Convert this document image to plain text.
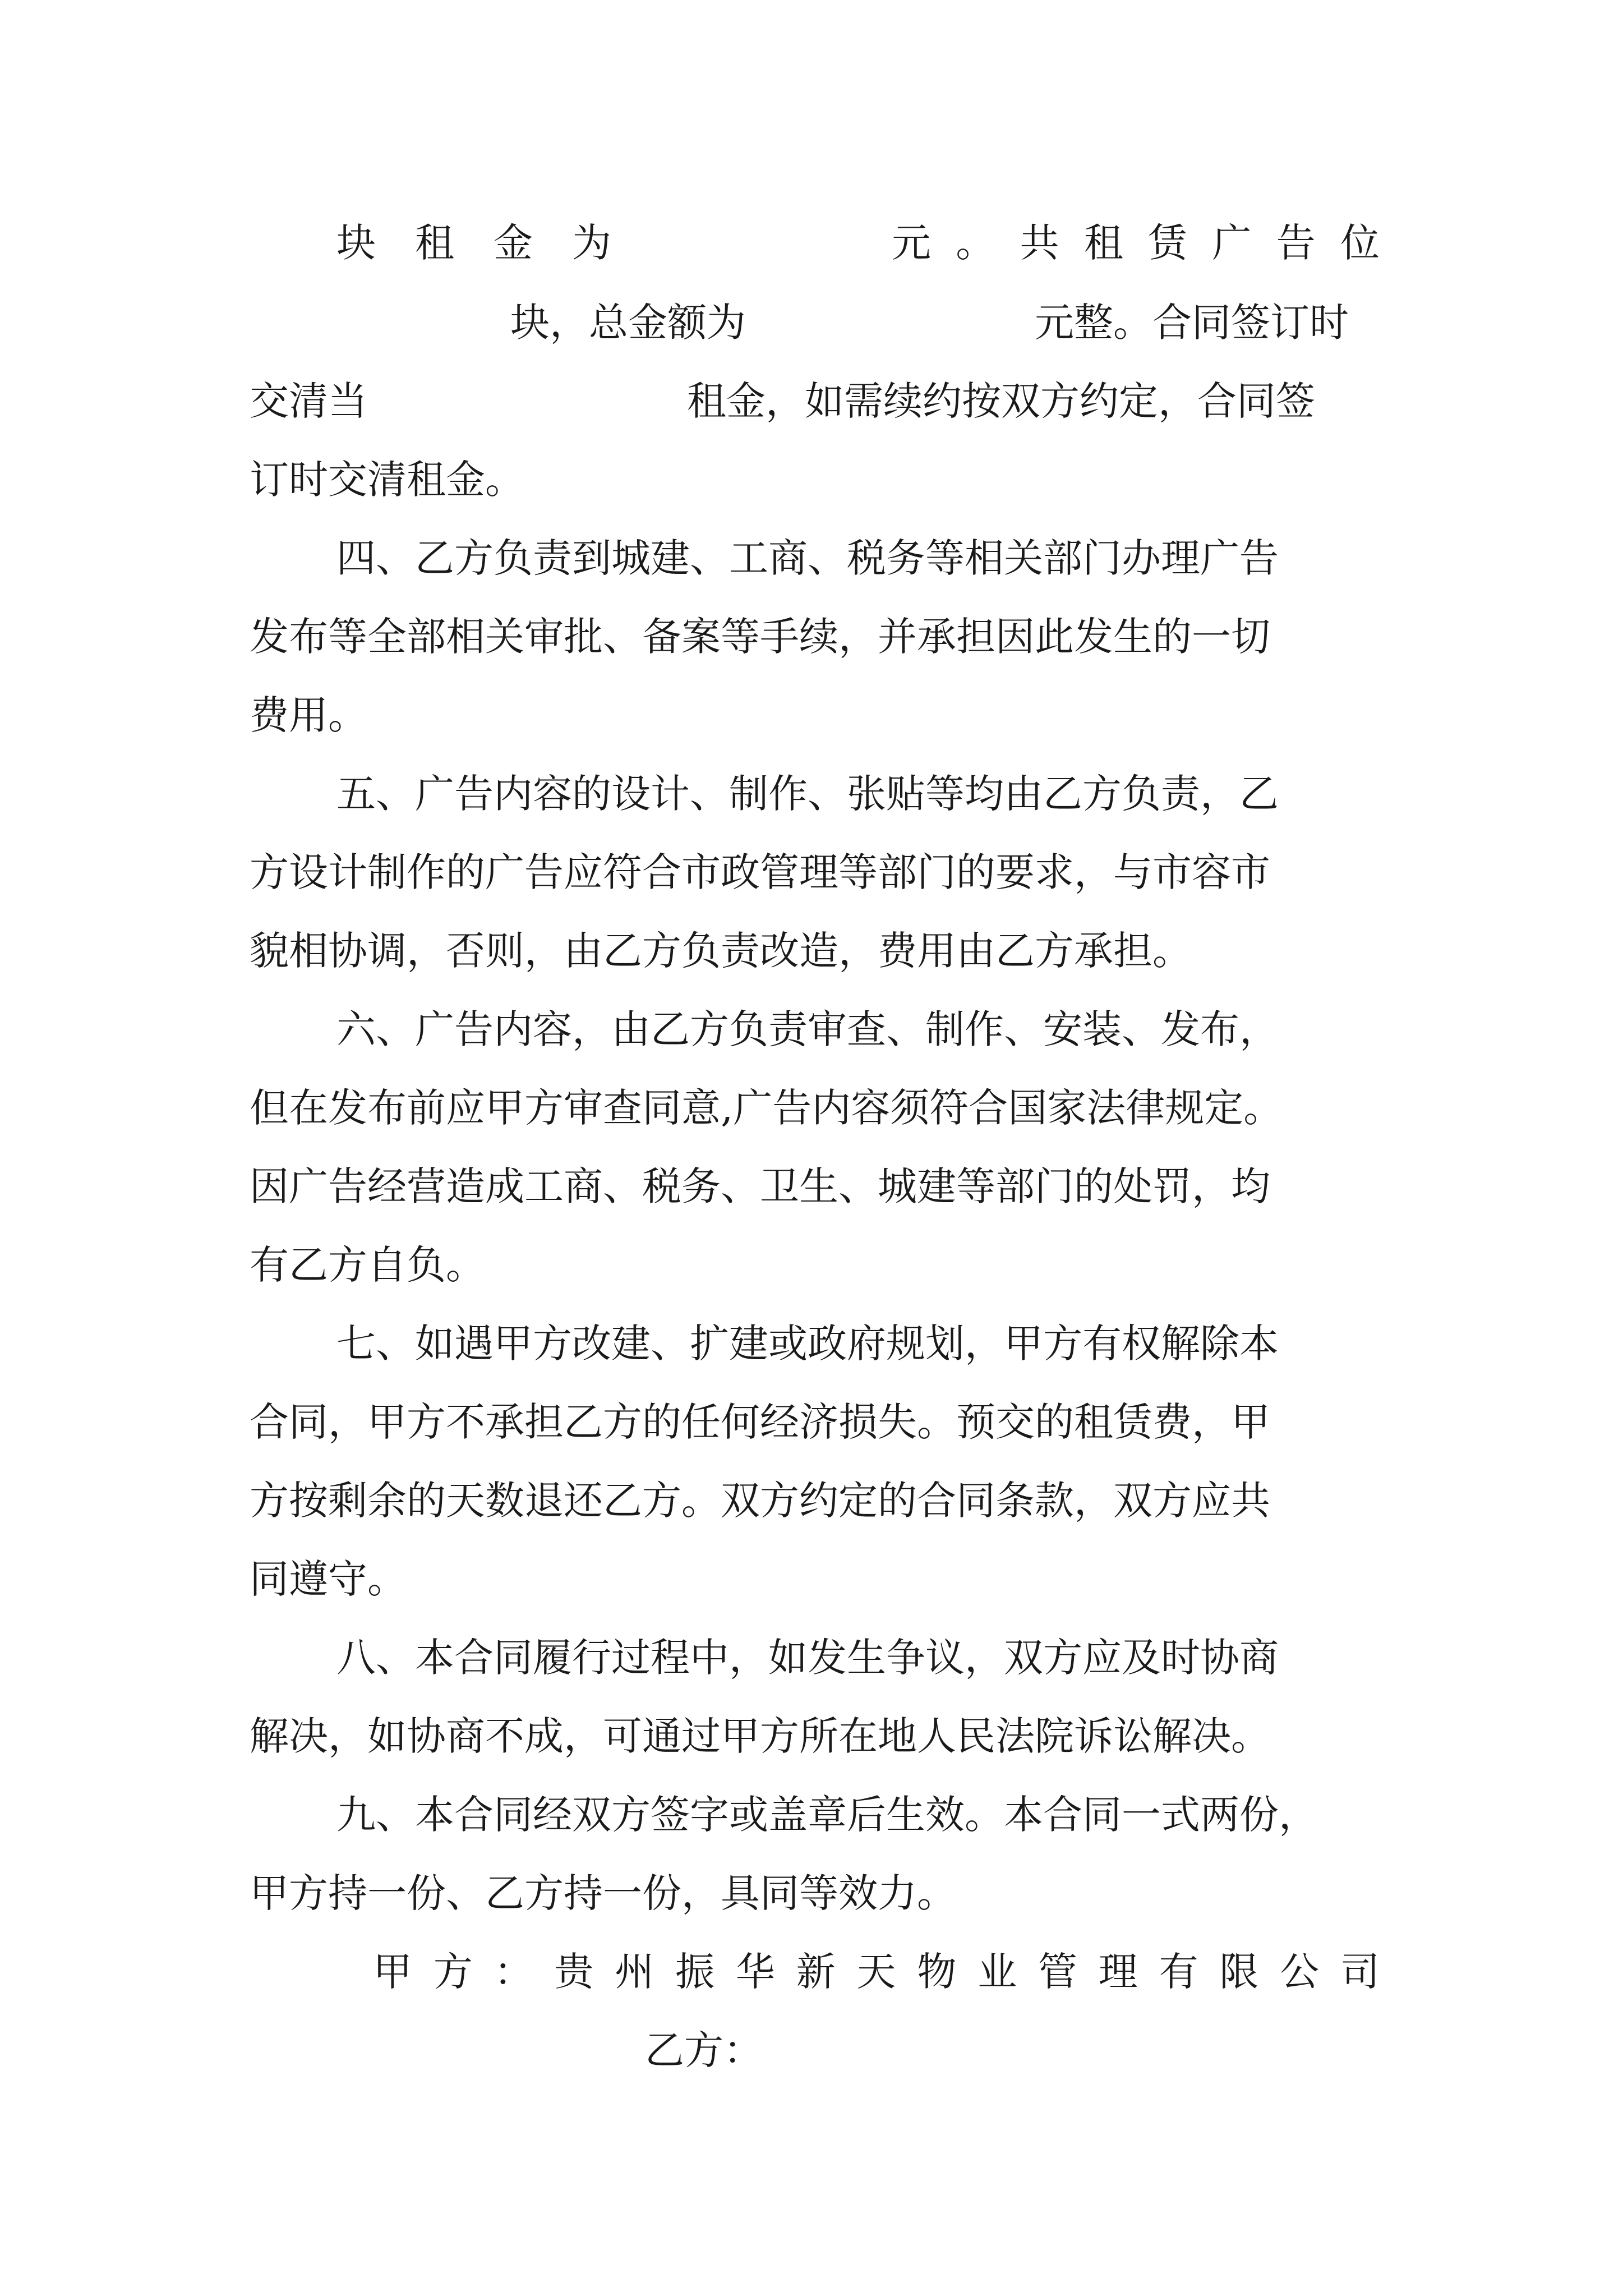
块 租 金 为	元 。 共 租 赁 广 告 位
块，总金额为	元整。合同签订时
交清当	租金，如需续约按双方约定，合同签
订时交清租金。
四、乙方负责到城建、工商、税务等相关部门办理广告
发布等全部相关审批、备案等手续，并承担因此发生的一切
费用。
五、广告内容的设计、制作、张贴等均由乙方负责，乙
方设计制作的广告应符合市政管理等部门的要求，与市容市
貌相协调，否则，由乙方负责改造，费用由乙方承担。
六、广告内容，由乙方负责审查、制作、安装、发布，
但在发布前应甲方审查同意,广告内容须符合国家法律规定。
因广告经营造成工商、税务、卫生、城建等部门的处罚，均
有乙方自负。
七、如遇甲方改建、扩建或政府规划，甲方有权解除本
合同，甲方不承担乙方的任何经济损失。预交的租赁费，甲
方按剩余的天数退还乙方。双方约定的合同条款，双方应共
同遵守。
八、本合同履行过程中，如发生争议，双方应及时协商
解决，如协商不成，可通过甲方所在地人民法院诉讼解决。
九、本合同经双方签字或盖章后生效。本合同一式两份，
甲方持一份、乙方持一份，具同等效力。
甲 方 ： 贵 州 振 华 新 天 物 业 管 理 有 限 公 司
乙方：
